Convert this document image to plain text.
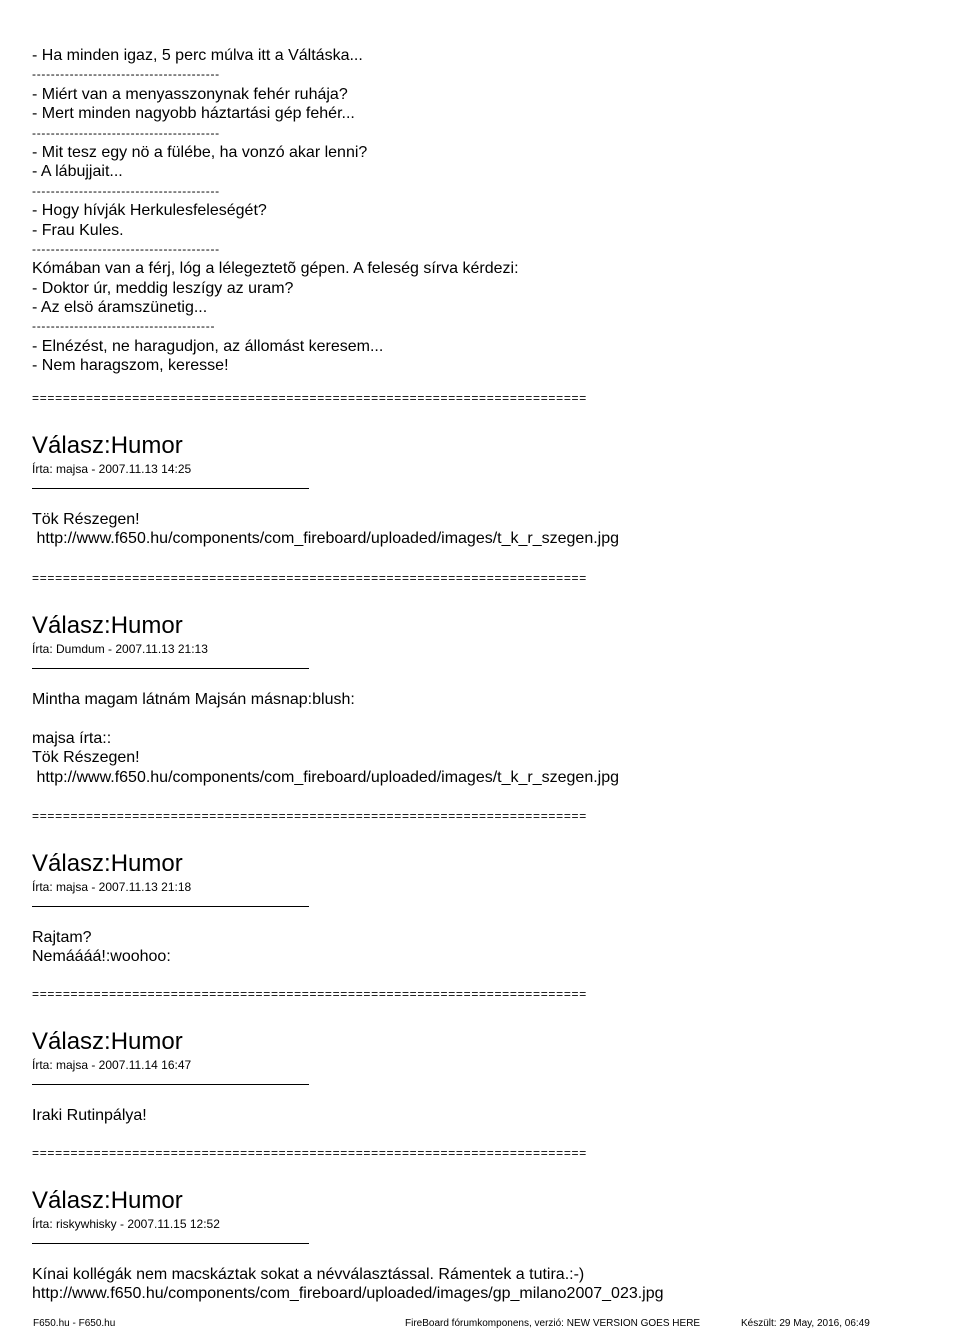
- Ha minden igaz, 5 perc múlva itt a Váltáska...
----------------------------------------
- Miért van a menyasszonynak fehér ruhája?
- Mert minden nagyobb háztartási gép fehér...
----------------------------------------
- Mit tesz egy nö a fülébe, ha vonzó akar lenni?
- A lábujjait...
----------------------------------------
- Hogy hívják Herkulesfeleségét?
- Frau Kules.
----------------------------------------
Kómában van a férj, lóg a lélegeztetõ gépen. A feleség sírva kérdezi:
- Doktor úr, meddig leszígy az uram?
- Az elsö áramszünetig...
---------------------------------------
- Elnézést, ne haragudjon, az állomást keresem...
- Nem haragszom, keresse!
========================================================================
Válasz:Humor
Írta: majsa - 2007.11.13 14:25
Tök Részegen!
http://www.f650.hu/components/com_fireboard/uploaded/images/t_k_r_szegen.jpg
========================================================================
Válasz:Humor
Írta: Dumdum - 2007.11.13 21:13
Mintha magam látnám Majsán másnap:blush:
majsa írta::
Tök Részegen!
http://www.f650.hu/components/com_fireboard/uploaded/images/t_k_r_szegen.jpg
========================================================================
Válasz:Humor
Írta: majsa - 2007.11.13 21:18
Rajtam?
Nemáááá!:woohoo:
========================================================================
Válasz:Humor
Írta: majsa - 2007.11.14 16:47
Iraki Rutinpálya!
========================================================================
Válasz:Humor
Írta: riskywhisky - 2007.11.15 12:52
Kínai kollégák nem macskáztak sokat a névválasztással. Rámentek a tutira.:-)
http://www.f650.hu/components/com_fireboard/uploaded/images/gp_milano2007_023.jpg
F650.hu - F650.hu	FireBoard fórumkomponens, verzió: NEW VERSION GOES HERE	Készült: 29 May, 2016, 06:49
